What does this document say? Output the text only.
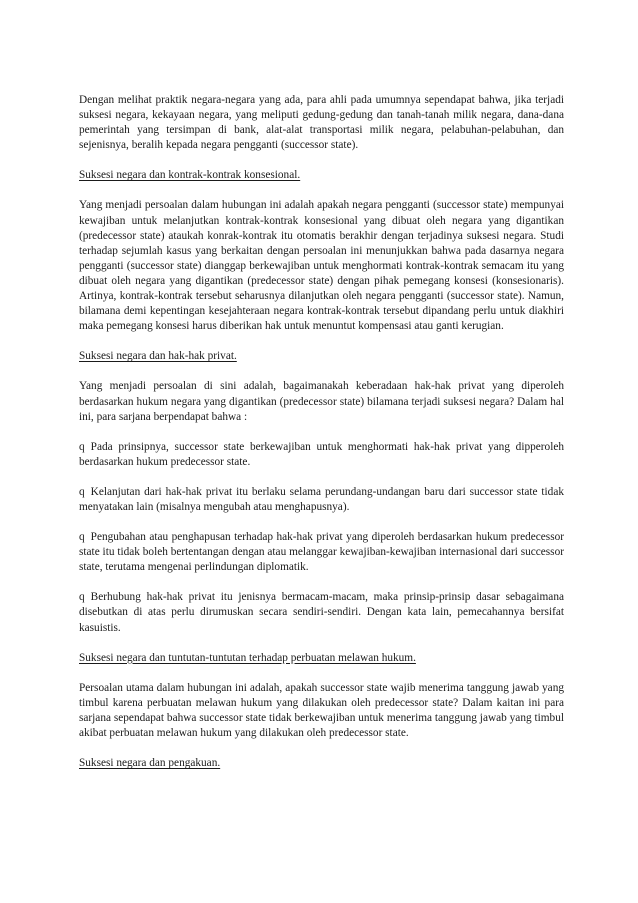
Dengan melihat praktik negara-negara yang ada, para ahli pada umumnya sependapat bahwa, jika terjadi suksesi negara, kekayaan negara, yang meliputi gedung-gedung dan tanah-tanah milik negara, dana-dana pemerintah yang tersimpan di bank, alat-alat transportasi milik negara, pelabuhan-pelabuhan, dan sejenisnya, beralih kepada negara pengganti (successor state).

Suksesi negara dan kontrak-kontrak konsesional.

Yang menjadi persoalan dalam hubungan ini adalah apakah negara pengganti (successor state) mempunyai kewajiban untuk melanjutkan kontrak-kontrak konsesional yang dibuat oleh negara yang digantikan (predecessor state) ataukah konrak-kontrak itu otomatis berakhir dengan terjadinya suksesi negara. Studi terhadap sejumlah kasus yang berkaitan dengan persoalan ini menunjukkan bahwa pada dasarnya negara pengganti (successor state) dianggap berkewajiban untuk menghormati kontrak-kontrak semacam itu yang dibuat oleh negara yang digantikan (predecessor state) dengan pihak pemegang konsesi (konsesionaris). Artinya, kontrak-kontrak tersebut seharusnya dilanjutkan oleh negara pengganti (successor state). Namun, bilamana demi kepentingan kesejahteraan negara kontrak-kontrak tersebut dipandang perlu untuk diakhiri maka pemegang konsesi harus diberikan hak untuk menuntut kompensasi atau ganti kerugian.

Suksesi negara dan hak-hak privat.

Yang menjadi persoalan di sini adalah, bagaimanakah keberadaan hak-hak privat yang diperoleh berdasarkan hukum negara yang digantikan (predecessor state) bilamana terjadi suksesi negara? Dalam hal ini, para sarjana berpendapat bahwa :

q Pada prinsipnya, successor state berkewajiban untuk menghormati hak-hak privat yang dipperoleh berdasarkan hukum predecessor state.

q Kelanjutan dari hak-hak privat itu berlaku selama perundang-undangan baru dari successor state tidak menyatakan lain (misalnya mengubah atau menghapusnya).

q Pengubahan atau penghapusan terhadap hak-hak privat yang diperoleh berdasarkan hukum predecessor state itu tidak boleh bertentangan dengan atau melanggar kewajiban-kewajiban internasional dari successor state, terutama mengenai perlindungan diplomatik.

q Berhubung hak-hak privat itu jenisnya bermacam-macam, maka prinsip-prinsip dasar sebagaimana disebutkan di atas perlu dirumuskan secara sendiri-sendiri. Dengan kata lain, pemecahannya bersifat kasuistis.

Suksesi negara dan tuntutan-tuntutan terhadap perbuatan melawan hukum.

Persoalan utama dalam hubungan ini adalah, apakah successor state wajib menerima tanggung jawab yang timbul karena perbuatan melawan hukum yang dilakukan oleh predecessor state? Dalam kaitan ini para sarjana sependapat bahwa successor state tidak berkewajiban untuk menerima tanggung jawab yang timbul akibat perbuatan melawan hukum yang dilakukan oleh predecessor state.

Suksesi negara dan pengakuan.
